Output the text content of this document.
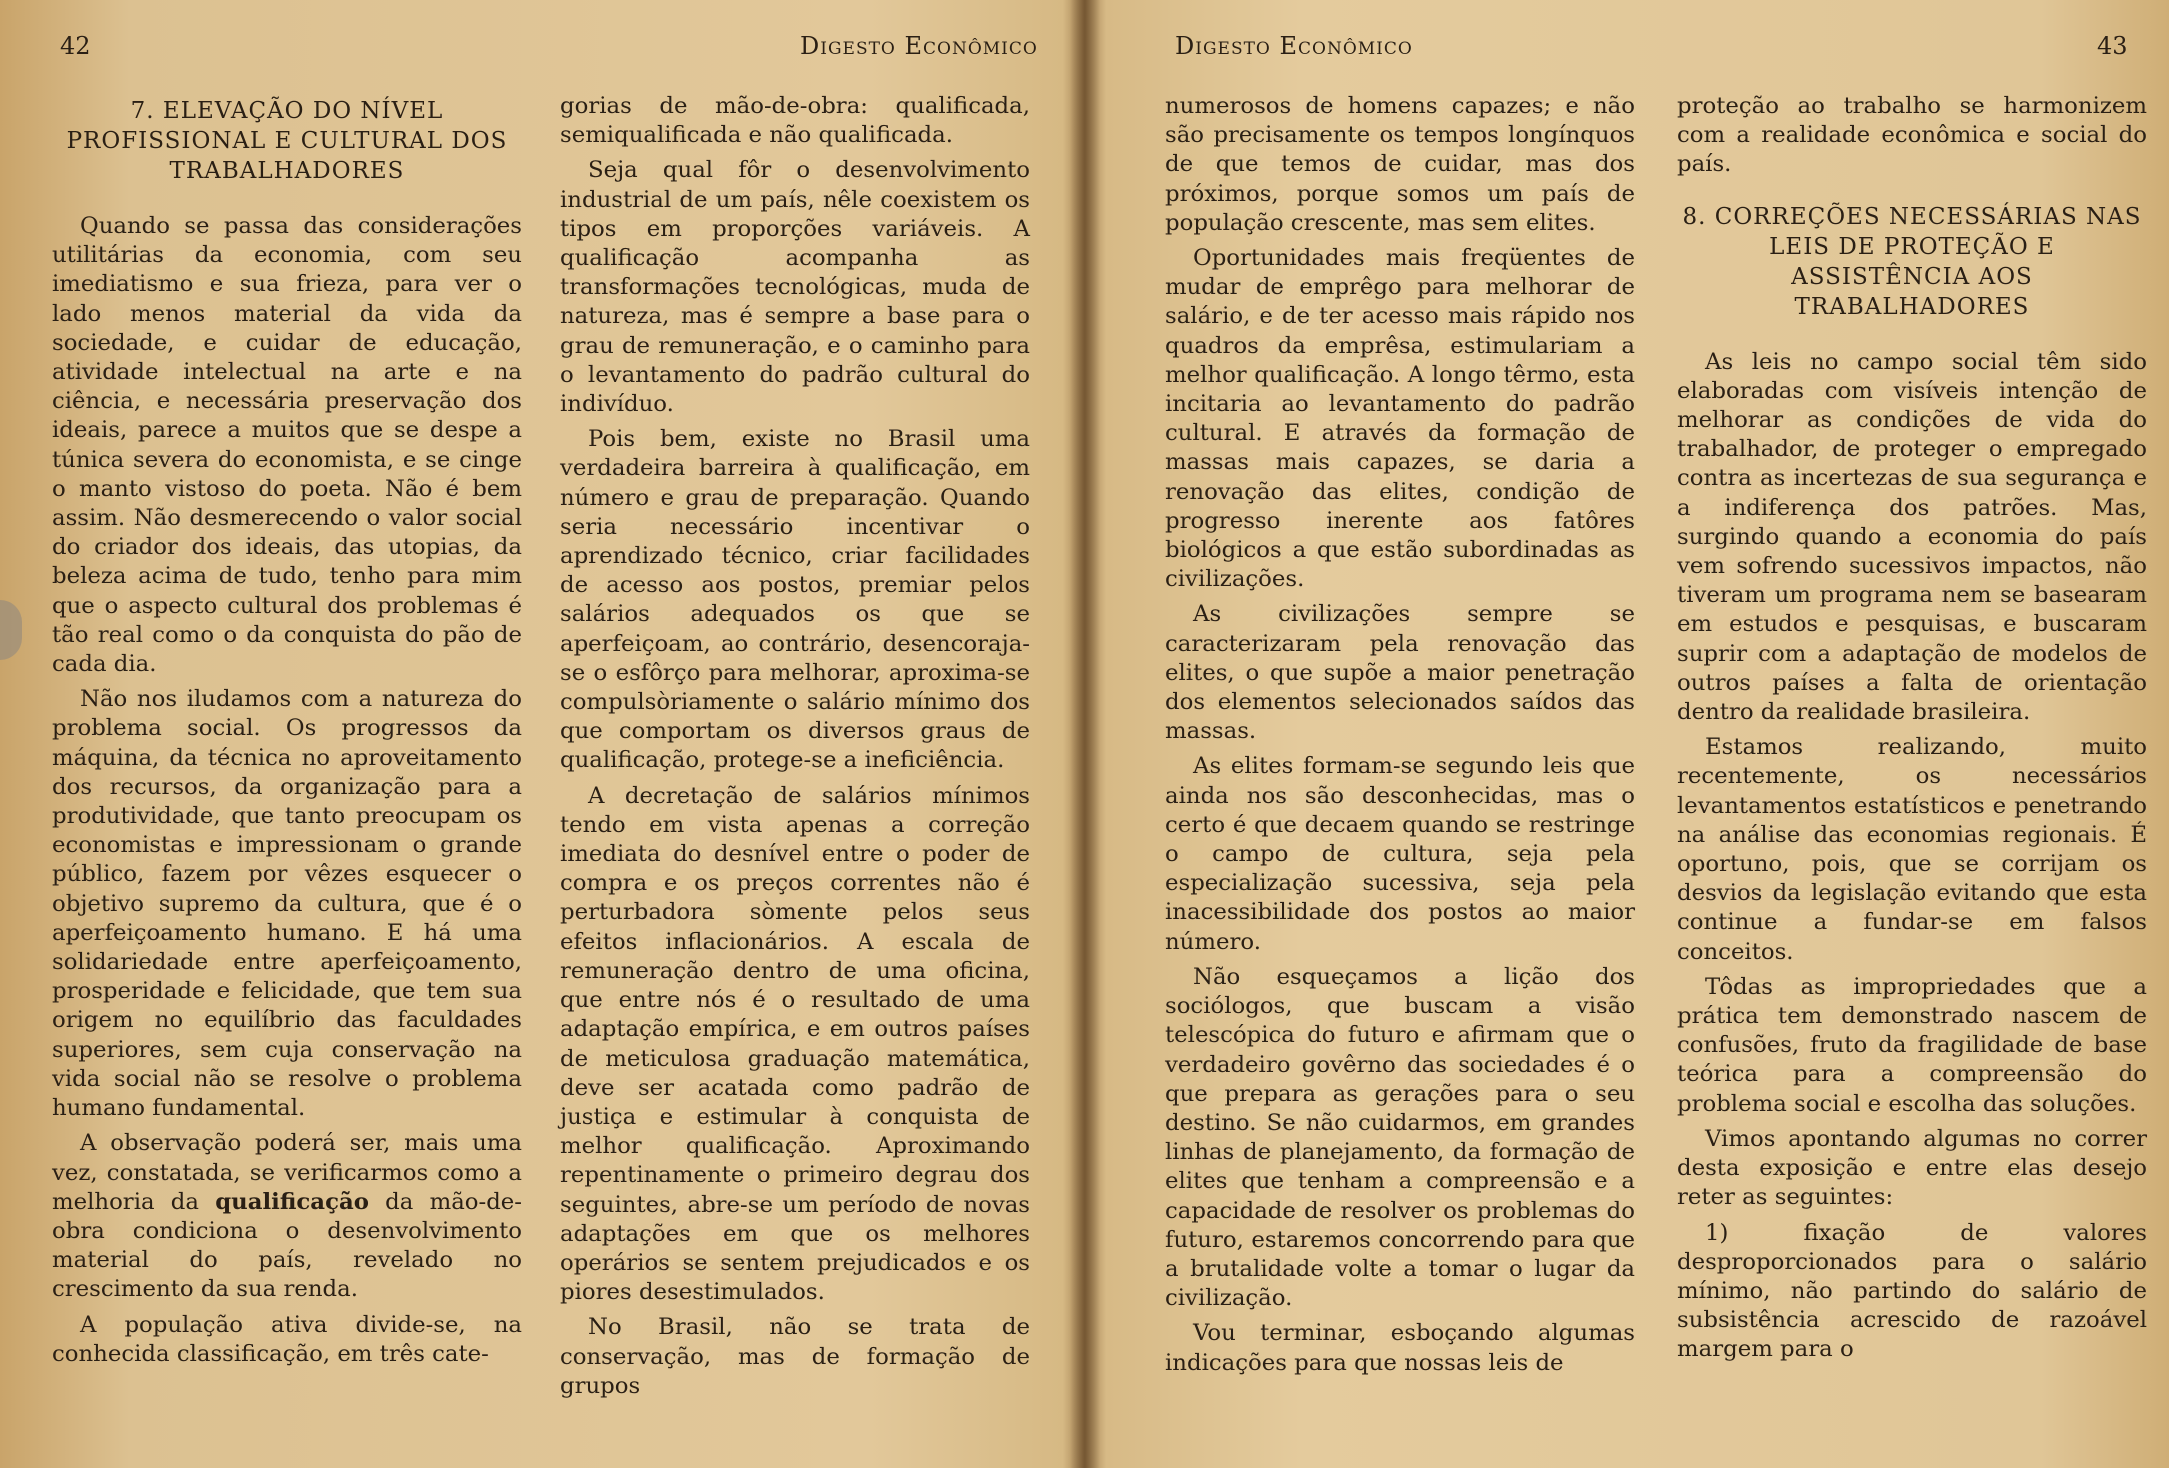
42	Digesto Econômico
7. ELEVAÇÃO DO NÍVEL PROFISSIONAL E CULTURAL DOS TRABALHADORES

Quando se passa das considerações utilitárias da economia, com seu imediatismo e sua frieza, para ver o lado menos material da vida da sociedade, e cuidar de educação, atividade intelectual na arte e na ciência, e necessária preservação dos ideais, parece a muitos que se despe a túnica severa do economista, e se cinge o manto vistoso do poeta. Não é bem assim. Não desmerecendo o valor social do criador dos ideais, das utopias, da beleza acima de tudo, tenho para mim que o aspecto cultural dos problemas é tão real como o da conquista do pão de cada dia.

Não nos iludamos com a natureza do problema social. Os progressos da máquina, da técnica no aproveitamento dos recursos, da organização para a produtividade, que tanto preocupam os economistas e impressionam o grande público, fazem por vêzes esquecer o objetivo supremo da cultura, que é o aperfeiçoamento humano. E há uma solidariedade entre aperfeiçoamento, prosperidade e felicidade, que tem sua origem no equilíbrio das faculdades superiores, sem cuja conservação na vida social não se resolve o problema humano fundamental.

A observação poderá ser, mais uma vez, constatada, se verificarmos como a melhoria da qualificação da mão-de-obra condiciona o desenvolvimento material do país, revelado no crescimento da sua renda.

A população ativa divide-se, na conhecida classificação, em três cate-

gorias de mão-de-obra: qualificada, semiqualificada e não qualificada.

Seja qual fôr o desenvolvimento industrial de um país, nêle coexistem os tipos em proporções variáveis. A qualificação acompanha as transformações tecnológicas, muda de natureza, mas é sempre a base para o grau de remuneração, e o caminho para o levantamento do padrão cultural do indivíduo.

Pois bem, existe no Brasil uma verdadeira barreira à qualificação, em número e grau de preparação. Quando seria necessário incentivar o aprendizado técnico, criar facilidades de acesso aos postos, premiar pelos salários adequados os que se aperfeiçoam, ao contrário, desencoraja-se o esfôrço para melhorar, aproxima-se compulsòriamente o salário mínimo dos que comportam os diversos graus de qualificação, protege-se a ineficiência.

A decretação de salários mínimos tendo em vista apenas a correção imediata do desnível entre o poder de compra e os preços correntes não é perturbadora sòmente pelos seus efeitos inflacionários. A escala de remuneração dentro de uma oficina, que entre nós é o resultado de uma adaptação empírica, e em outros países de meticulosa graduação matemática, deve ser acatada como padrão de justiça e estimular à conquista de melhor qualificação. Aproximando repentinamente o primeiro degrau dos seguintes, abre-se um período de novas adaptações em que os melhores operários se sentem prejudicados e os piores desestimulados.

No Brasil, não se trata de conservação, mas de formação de grupos

Digesto Econômico	43

numerosos de homens capazes; e não são precisamente os tempos longínquos de que temos de cuidar, mas dos próximos, porque somos um país de população crescente, mas sem elites.

Oportunidades mais freqüentes de mudar de emprêgo para melhorar de salário, e de ter acesso mais rápido nos quadros da emprêsa, estimulariam a melhor qualificação. A longo têrmo, esta incitaria ao levantamento do padrão cultural. E através da formação de massas mais capazes, se daria a renovação das elites, condição de progresso inerente aos fatôres biológicos a que estão subordinadas as civilizações.

As civilizações sempre se caracterizaram pela renovação das elites, o que supõe a maior penetração dos elementos selecionados saídos das massas.

As elites formam-se segundo leis que ainda nos são desconhecidas, mas o certo é que decaem quando se restringe o campo de cultura, seja pela especialização sucessiva, seja pela inacessibilidade dos postos ao maior número.

Não esqueçamos a lição dos sociólogos, que buscam a visão telescópica do futuro e afirmam que o verdadeiro govêrno das sociedades é o que prepara as gerações para o seu destino. Se não cuidarmos, em grandes linhas de planejamento, da formação de elites que tenham a compreensão e a capacidade de resolver os problemas do futuro, estaremos concorrendo para que a brutalidade volte a tomar o lugar da civilização.

Vou terminar, esboçando algumas indicações para que nossas leis de

proteção ao trabalho se harmonizem com a realidade econômica e social do país.

8. CORREÇÕES NECESSÁRIAS NAS LEIS DE PROTEÇÃO E ASSISTÊNCIA AOS TRABALHADORES

As leis no campo social têm sido elaboradas com visíveis intenção de melhorar as condições de vida do trabalhador, de proteger o empregado contra as incertezas de sua segurança e a indiferença dos patrões. Mas, surgindo quando a economia do país vem sofrendo sucessivos impactos, não tiveram um programa nem se basearam em estudos e pesquisas, e buscaram suprir com a adaptação de modelos de outros países a falta de orientação dentro da realidade brasileira.

Estamos realizando, muito recentemente, os necessários levantamentos estatísticos e penetrando na análise das economias regionais. É oportuno, pois, que se corrijam os desvios da legislação evitando que esta continue a fundar-se em falsos conceitos.

Tôdas as impropriedades que a prática tem demonstrado nascem de confusões, fruto da fragilidade de base teórica para a compreensão do problema social e escolha das soluções.

Vimos apontando algumas no correr desta exposição e entre elas desejo reter as seguintes:

1) fixação de valores desproporcionados para o salário mínimo, não partindo do salário de subsistência acrescido de razoável margem para o
